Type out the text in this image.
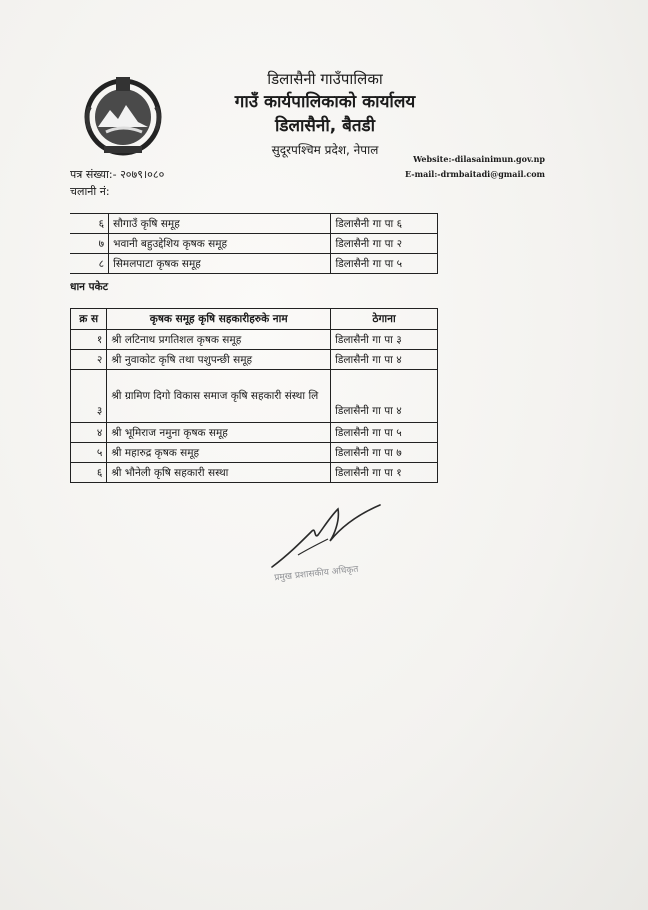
डिलासैनी गाउँपालिका
गाउँ कार्यपालिकाको कार्यालय
डिलासैनी, बैतडी
सुदूरपश्चिम प्रदेश, नेपाल
Website:-dilasainimun.gov.np
E-mail:-drmbaitadi@gmail.com
पत्र संख्या:- २०७९।०८०
चलानी नं:
६	सौगाउँ कृषि समूह	डिलासैनी गा पा ६
७	भवानी बहुउद्देशिय कृषक समूह	डिलासैनी गा पा २
८	सिमलपाटा कृषक समूह	डिलासैनी गा पा ५
धान पकेट
क्र स	कृषक समूह कृषि सहकारीहरुके नाम	ठेगाना
१	श्री लटिनाथ प्रगतिशल कृषक समूह	डिलासैनी गा पा ३
२	श्री नुवाकोट कृषि तथा पशुपन्छी समूह	डिलासैनी गा पा ४
३	श्री ग्रामिण दिगो विकास समाज कृषि सहकारी संस्था लि	डिलासैनी गा पा ४
४	श्री भूमिराज नमुना कृषक समूह	डिलासैनी गा पा ५
५	श्री महारुद्र कृषक समूह	डिलासैनी गा पा ७
६	श्री भौनेली कृषि सहकारी सस्था	डिलासैनी गा पा १
प्रमुख प्रशासकीय अधिकृत
